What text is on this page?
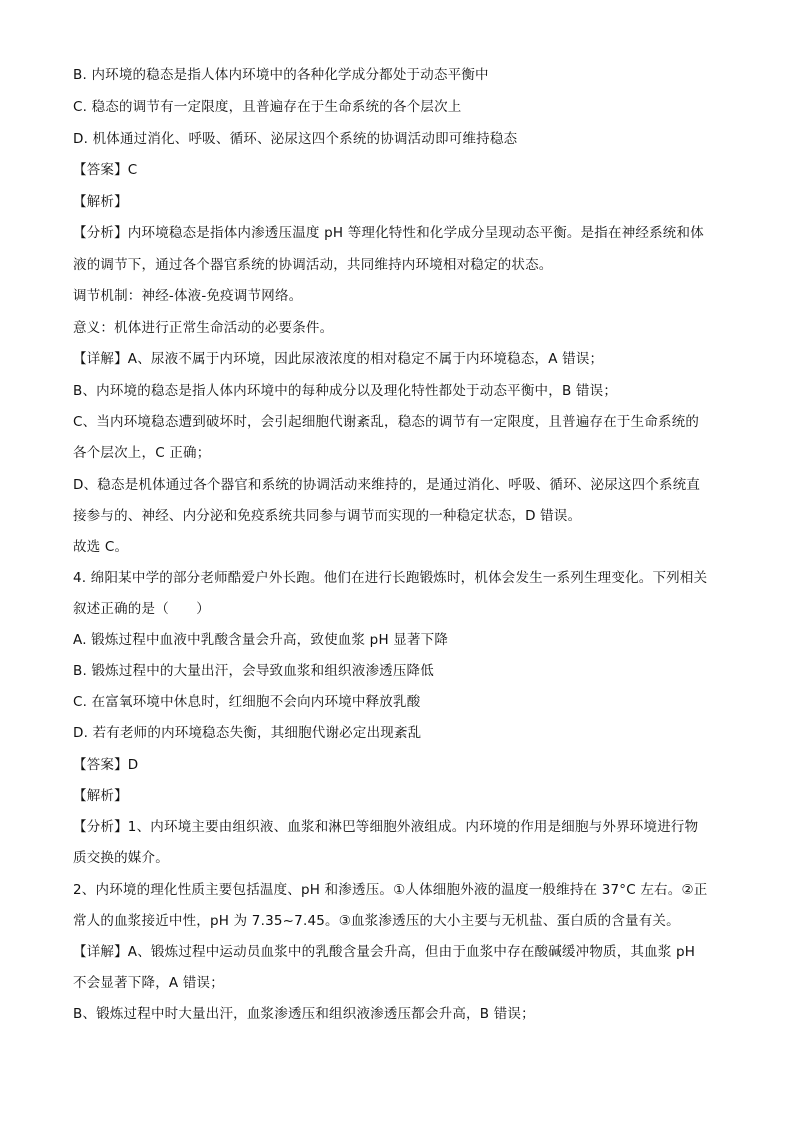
B. 内环境的稳态是指人体内环境中的各种化学成分都处于动态平衡中
C. 稳态的调节有一定限度，且普遍存在于生命系统的各个层次上
D. 机体通过消化、呼吸、循环、泌尿这四个系统的协调活动即可维持稳态
【答案】C
【解析】
【分析】内环境稳态是指体内渗透压温度 pH 等理化特性和化学成分呈现动态平衡。是指在神经系统和体
液的调节下，通过各个器官系统的协调活动，共同维持内环境相对稳定的状态。
调节机制：神经-体液-免疫调节网络。
意义：机体进行正常生命活动的必要条件。
【详解】A、尿液不属于内环境，因此尿液浓度的相对稳定不属于内环境稳态，A 错误；
B、内环境的稳态是指人体内环境中的每种成分以及理化特性都处于动态平衡中，B 错误；
C、当内环境稳态遭到破坏时，会引起细胞代谢紊乱，稳态的调节有一定限度，且普遍存在于生命系统的
各个层次上，C 正确；
D、稳态是机体通过各个器官和系统的协调活动来维持的，是通过消化、呼吸、循环、泌尿这四个系统直
接参与的、神经、内分泌和免疫系统共同参与调节而实现的一种稳定状态，D 错误。
故选 C。
4. 绵阳某中学的部分老师酷爱户外长跑。他们在进行长跑锻炼时，机体会发生一系列生理变化。下列相关
叙述正确的是（　　）
A. 锻炼过程中血液中乳酸含量会升高，致使血浆 pH 显著下降
B. 锻炼过程中的大量出汗，会导致血浆和组织液渗透压降低
C. 在富氧环境中休息时，红细胞不会向内环境中释放乳酸
D. 若有老师的内环境稳态失衡，其细胞代谢必定出现紊乱
【答案】D
【解析】
【分析】1、内环境主要由组织液、血浆和淋巴等细胞外液组成。内环境的作用是细胞与外界环境进行物
质交换的媒介。
2、内环境的理化性质主要包括温度、pH 和渗透压。①人体细胞外液的温度一般维持在 37°C 左右。②正
常人的血浆接近中性，pH 为 7.35~7.45。③血浆渗透压的大小主要与无机盐、蛋白质的含量有关。
【详解】A、锻炼过程中运动员血浆中的乳酸含量会升高，但由于血浆中存在酸碱缓冲物质，其血浆 pH
不会显著下降，A 错误；
B、锻炼过程中时大量出汗，血浆渗透压和组织液渗透压都会升高，B 错误；
